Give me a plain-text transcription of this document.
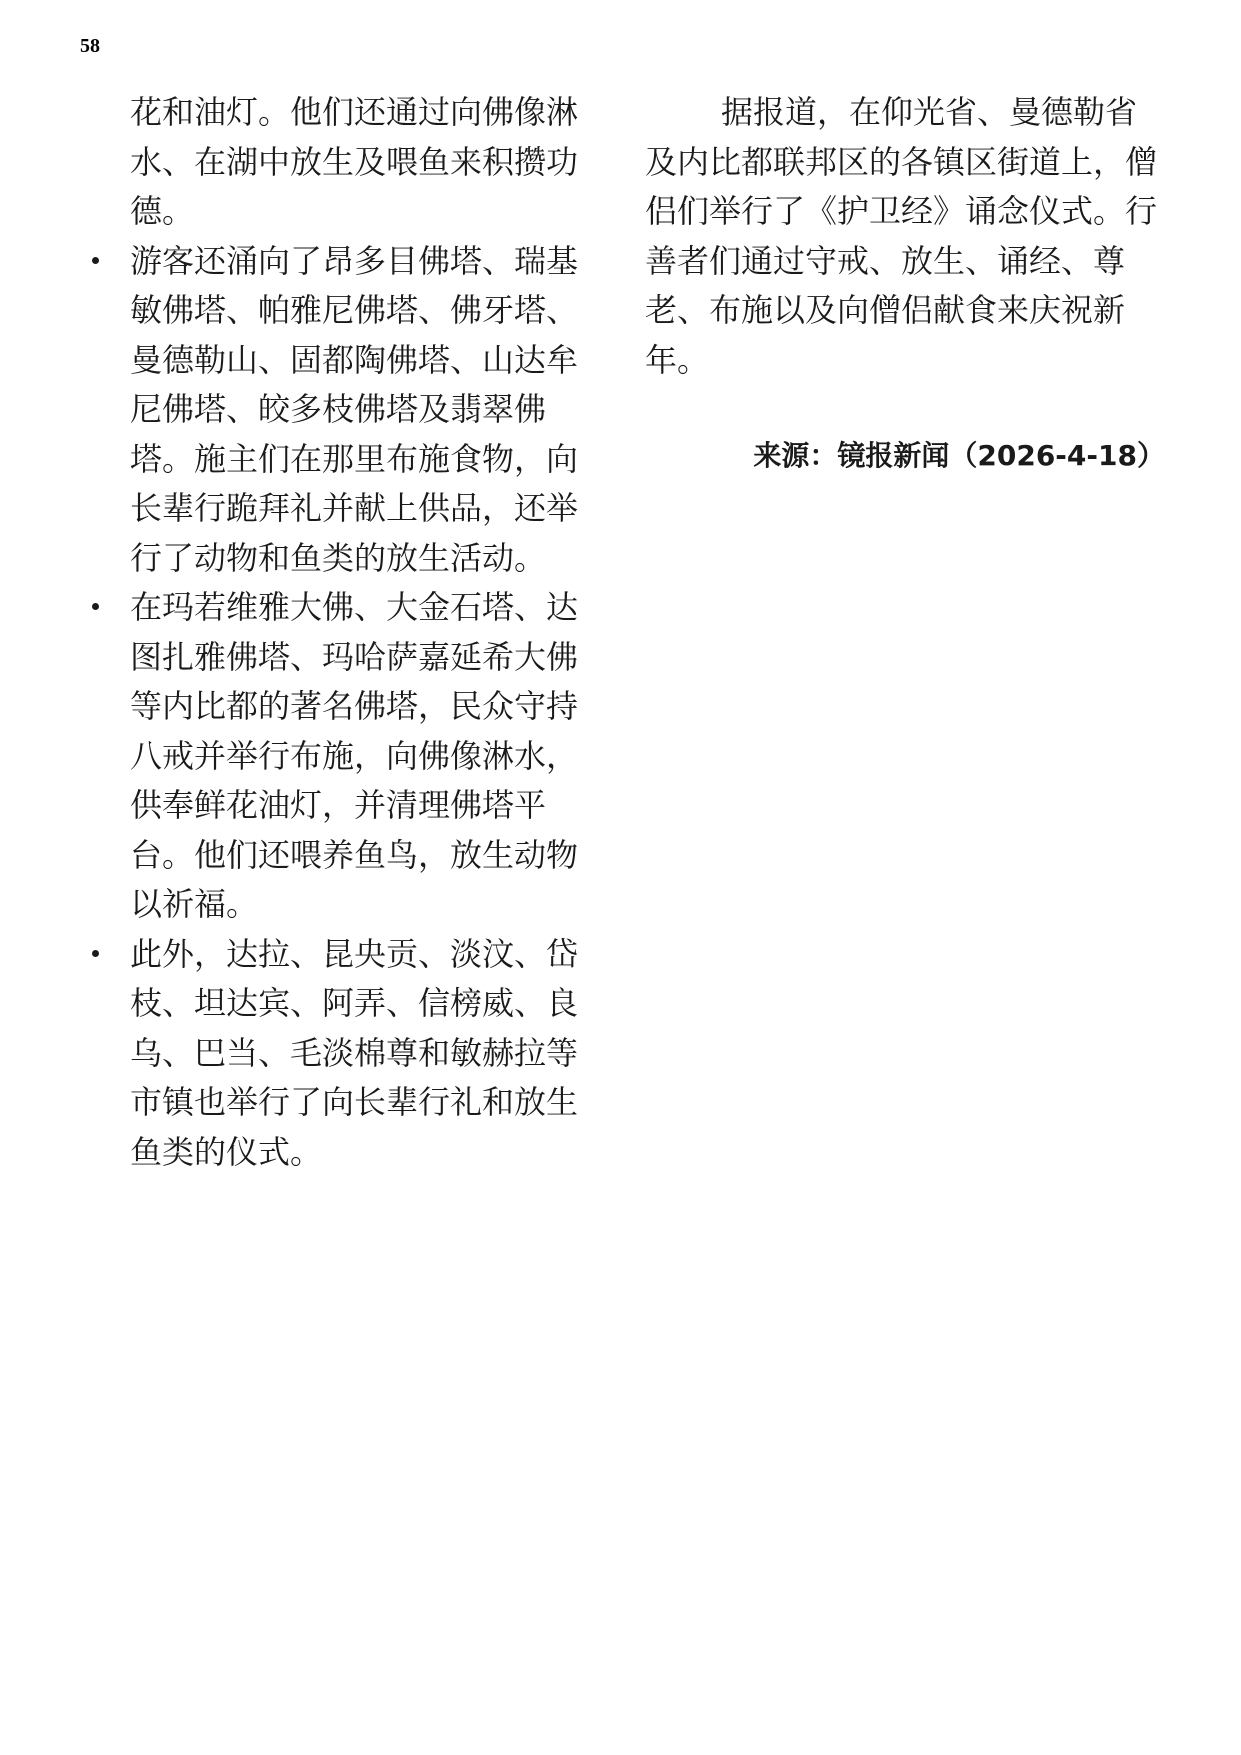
58

花和油灯。他们还通过向佛像淋水、在湖中放生及喂鱼来积攒功德。

游客还涌向了昂多目佛塔、瑞基敏佛塔、帕雅尼佛塔、佛牙塔、曼德勒山、固都陶佛塔、山达牟尼佛塔、皎多枝佛塔及翡翠佛塔。施主们在那里布施食物，向长辈行跪拜礼并献上供品，还举行了动物和鱼类的放生活动。
在玛若维雅大佛、大金石塔、达图扎雅佛塔、玛哈萨嘉延希大佛等内比都的著名佛塔，民众守持八戒并举行布施，向佛像淋水，供奉鲜花油灯，并清理佛塔平台。他们还喂养鱼鸟，放生动物以祈福。
此外，达拉、昆央贡、淡汶、岱枝、坦达宾、阿弄、信榜威、良乌、巴当、毛淡棉尊和敏赫拉等市镇也举行了向长辈行礼和放生鱼类的仪式。

据报道，在仰光省、曼德勒省及内比都联邦区的各镇区街道上，僧侣们举行了《护卫经》诵念仪式。行善者们通过守戒、放生、诵经、尊老、布施以及向僧侣献食来庆祝新年。

来源：镜报新闻（2026-4-18）
